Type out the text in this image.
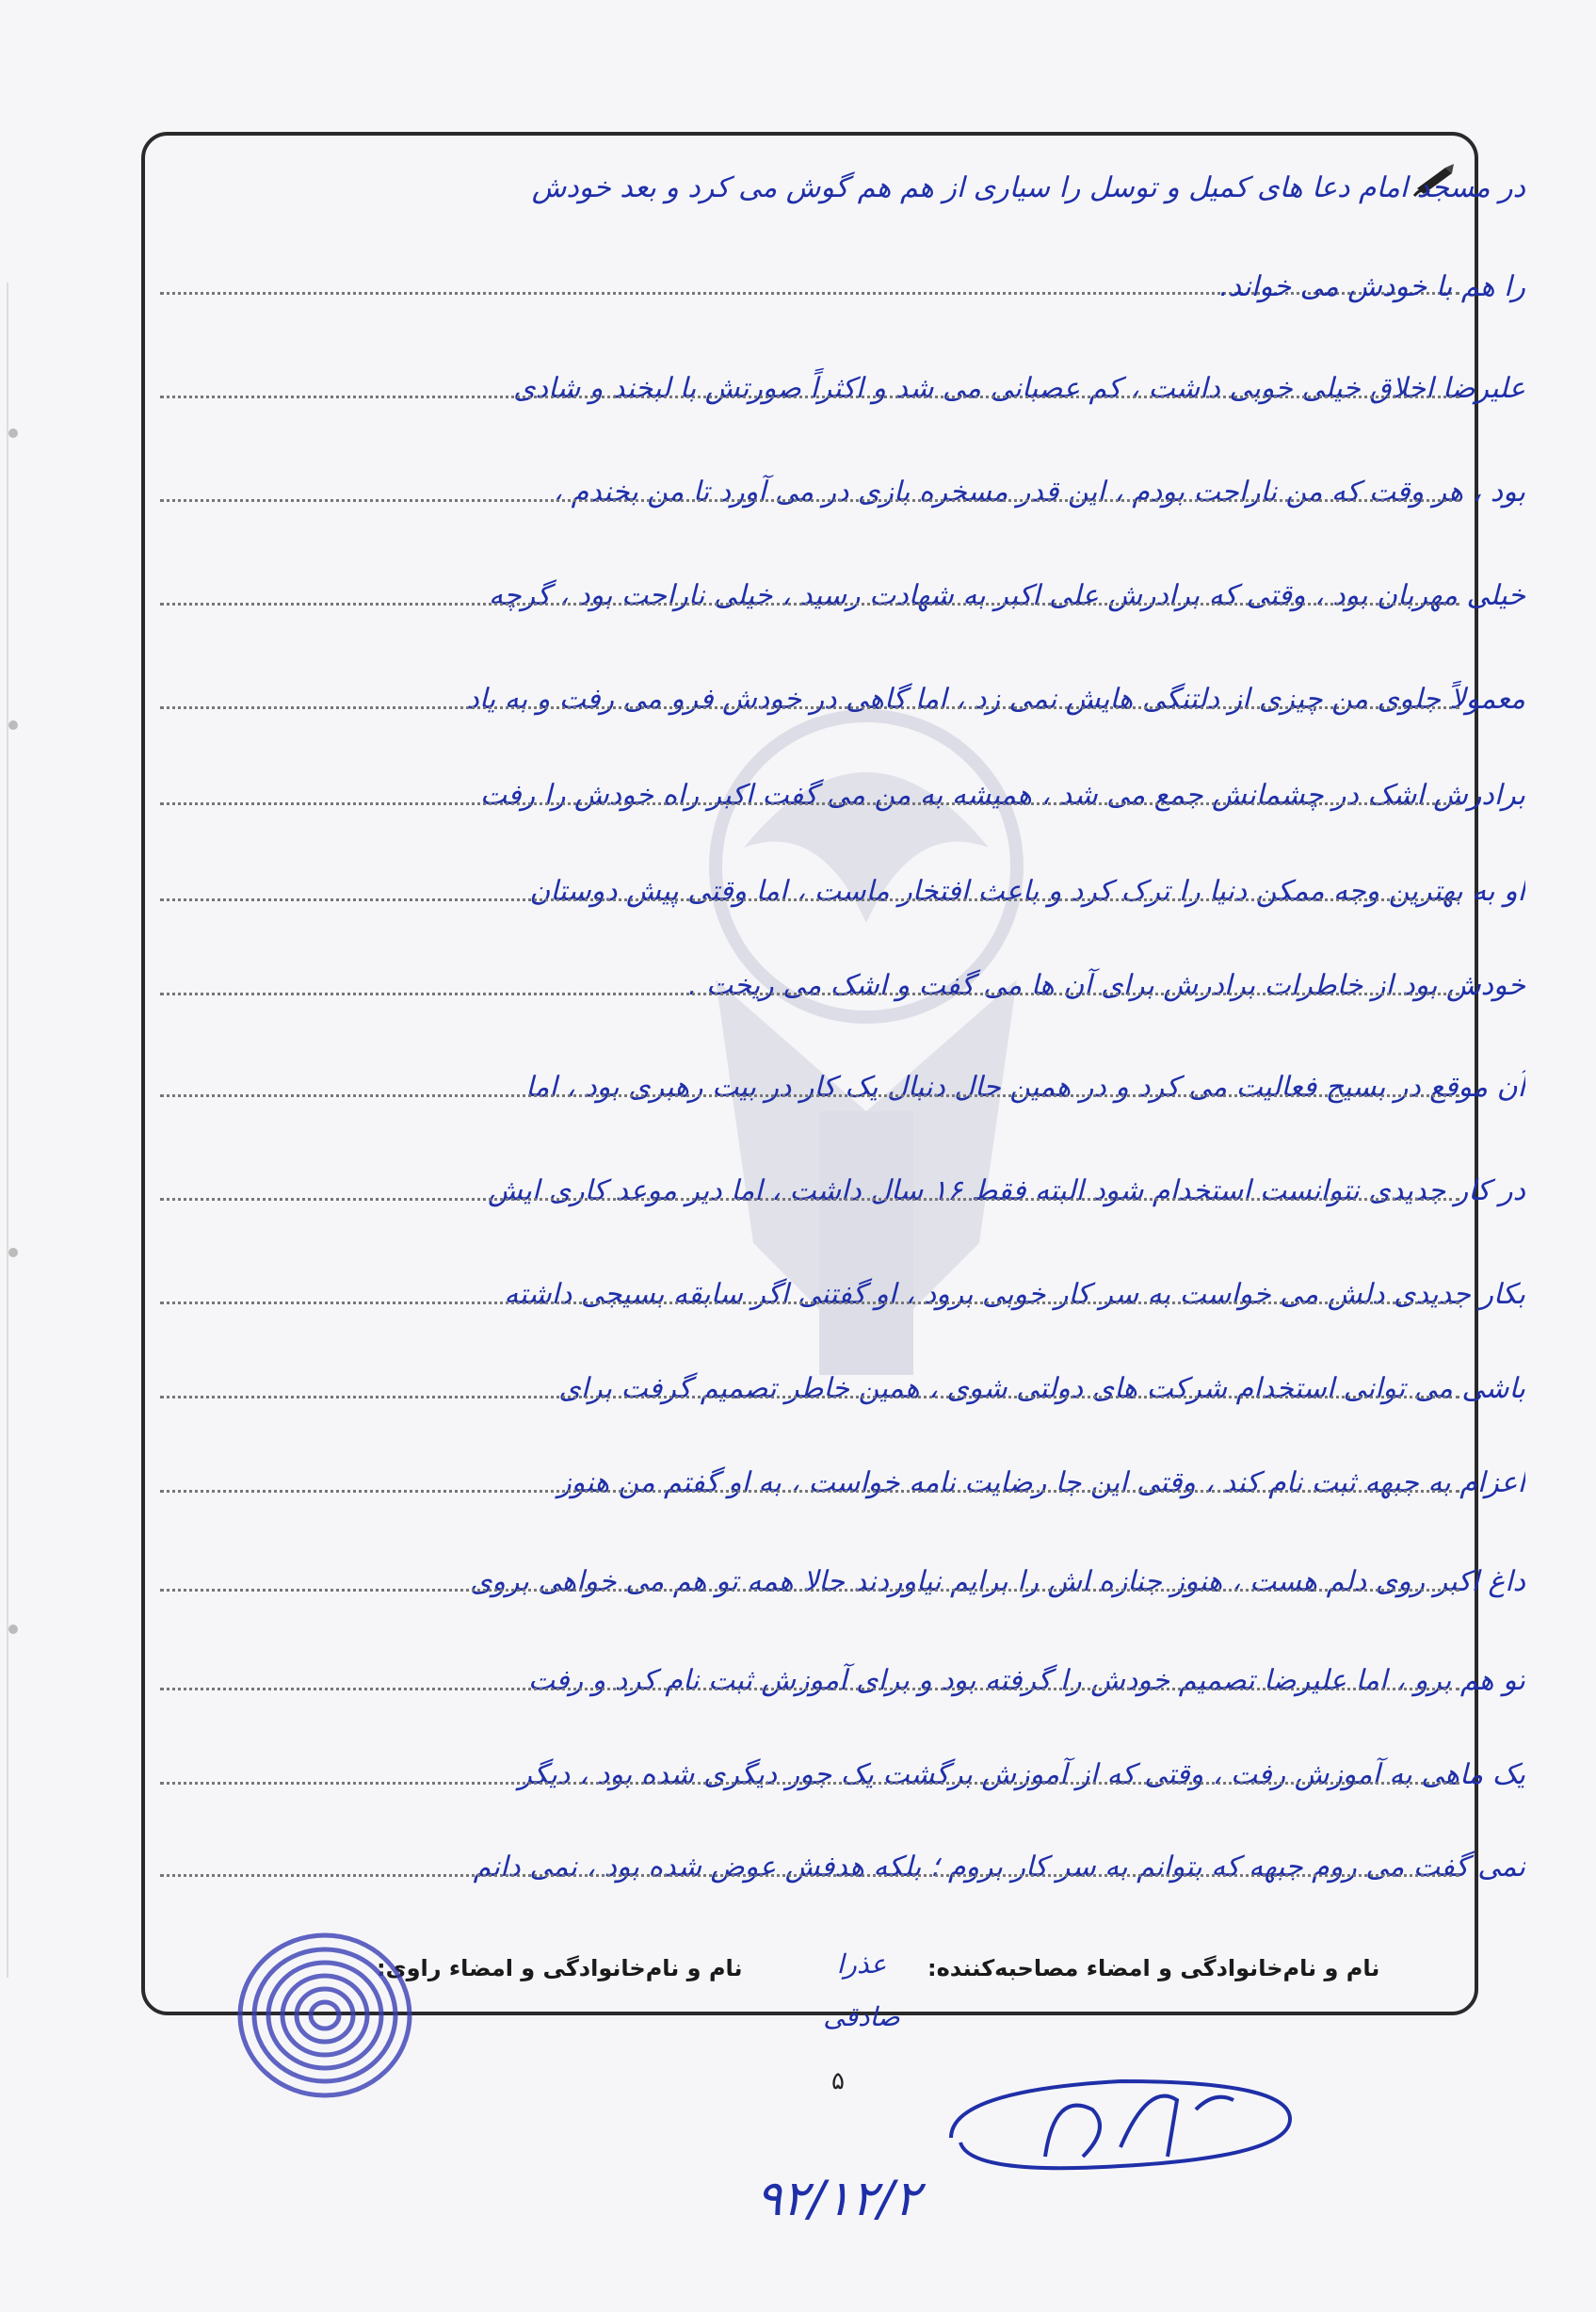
در مسجد امام دعا های کمیل و توسل را سیاری از هم هم گوش می کرد و بعد خودش
را هم با خودش می خواند.
علیرضا اخلاق خیلی خوبی داشت ، کم عصبانی می شد و اکثراً صورتش با لبخند و شادی
بود ، هر وقت که من ناراحت بودم ، این قدر مسخره بازی در می آورد تا من بخندم ،
خیلی مهربان بود ، وقتی که برادرش علی اکبر به شهادت رسید ، خیلی ناراحت بود ، گرچه
معمولاً جلوی من چیزی از دلتنگی هایش نمی زد ، اما گاهی در خودش فرو می رفت و به یاد
برادرش اشک در چشمانش جمع می شد ، همیشه به من می گفت اکبر راه خودش را رفت
او به بهترین وجه ممکن دنیا را ترک کرد و باعث افتخار ماست ، اما وقتی پیش دوستان
خودش بود از خاطرات برادرش برای آن ها می گفت و اشک می ریخت .
آن موقع در بسیج فعالیت می کرد و در همین حال دنبال یک کار در بیت رهبری بود ، اما
در کار جدیدی نتوانست استخدام شود البته فقط ۱۶ سال داشت ، اما دیر موعد کاری ایش
بکار جدیدی دلش می خواست به سر کار خوبی برود ، او گفتنی اگر سابقه بسیجی داشته
باشی می توانی استخدام شرکت های دولتی شوی ، همین خاطر تصمیم گرفت برای
اعزام به جبهه ثبت نام کند ، وقتی این جا رضایت نامه خواست ، به او گفتم من هنوز
داغ اکبر روی دلم هست ، هنوز جنازه اش را برایم نیاوردند حالا همه تو هم می خواهی بروی
تو هم برو ، اما علیرضا تصمیم خودش را گرفته بود و برای آموزش ثبت نام کرد و رفت
یک ماهی به آموزش رفت ، وقتی که از آموزش برگشت یک جور دیگری شده بود ، دیگر
نمی گفت می روم جبهه که بتوانم به سر کار بروم ؛ بلکه هدفش عوض شده بود ، نمی دانم
نام و نام‌خانوادگی و امضاء مصاحبه‌کننده:
عذرا صادقی
نام و نام‌خانوادگی و امضاء راوی:
۵
۹۲/۱۲/۲
